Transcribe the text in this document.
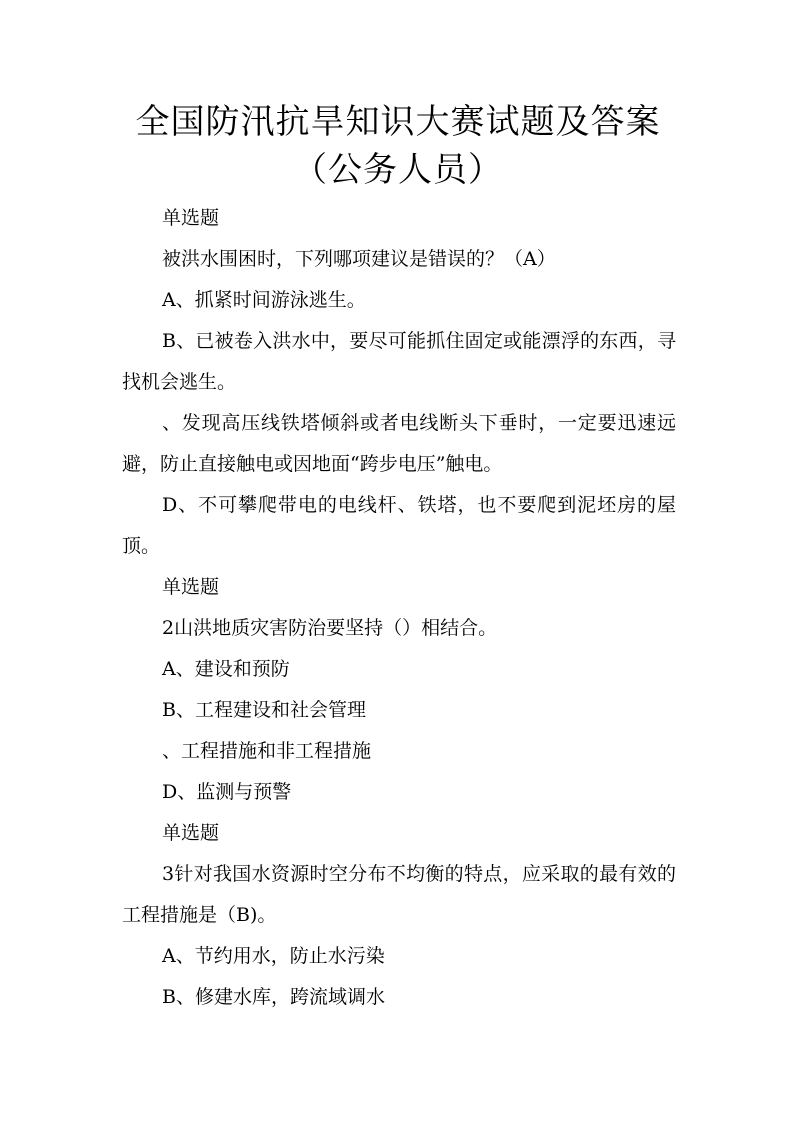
全国防汛抗旱知识大赛试题及答案（公务人员）

单选题

被洪水围困时，下列哪项建议是错误的？（A）

A、抓紧时间游泳逃生。

B、已被卷入洪水中，要尽可能抓住固定或能漂浮的东西，寻找机会逃生。

、发现高压线铁塔倾斜或者电线断头下垂时，一定要迅速远避，防止直接触电或因地面“跨步电压”触电。

D、不可攀爬带电的电线杆、铁塔，也不要爬到泥坯房的屋顶。

单选题

2山洪地质灾害防治要坚持（）相结合。

A、建设和预防

B、工程建设和社会管理

、工程措施和非工程措施

D、监测与预警

单选题

3针对我国水资源时空分布不均衡的特点，应采取的最有效的工程措施是（B)。

A、节约用水，防止水污染

B、修建水库，跨流域调水
